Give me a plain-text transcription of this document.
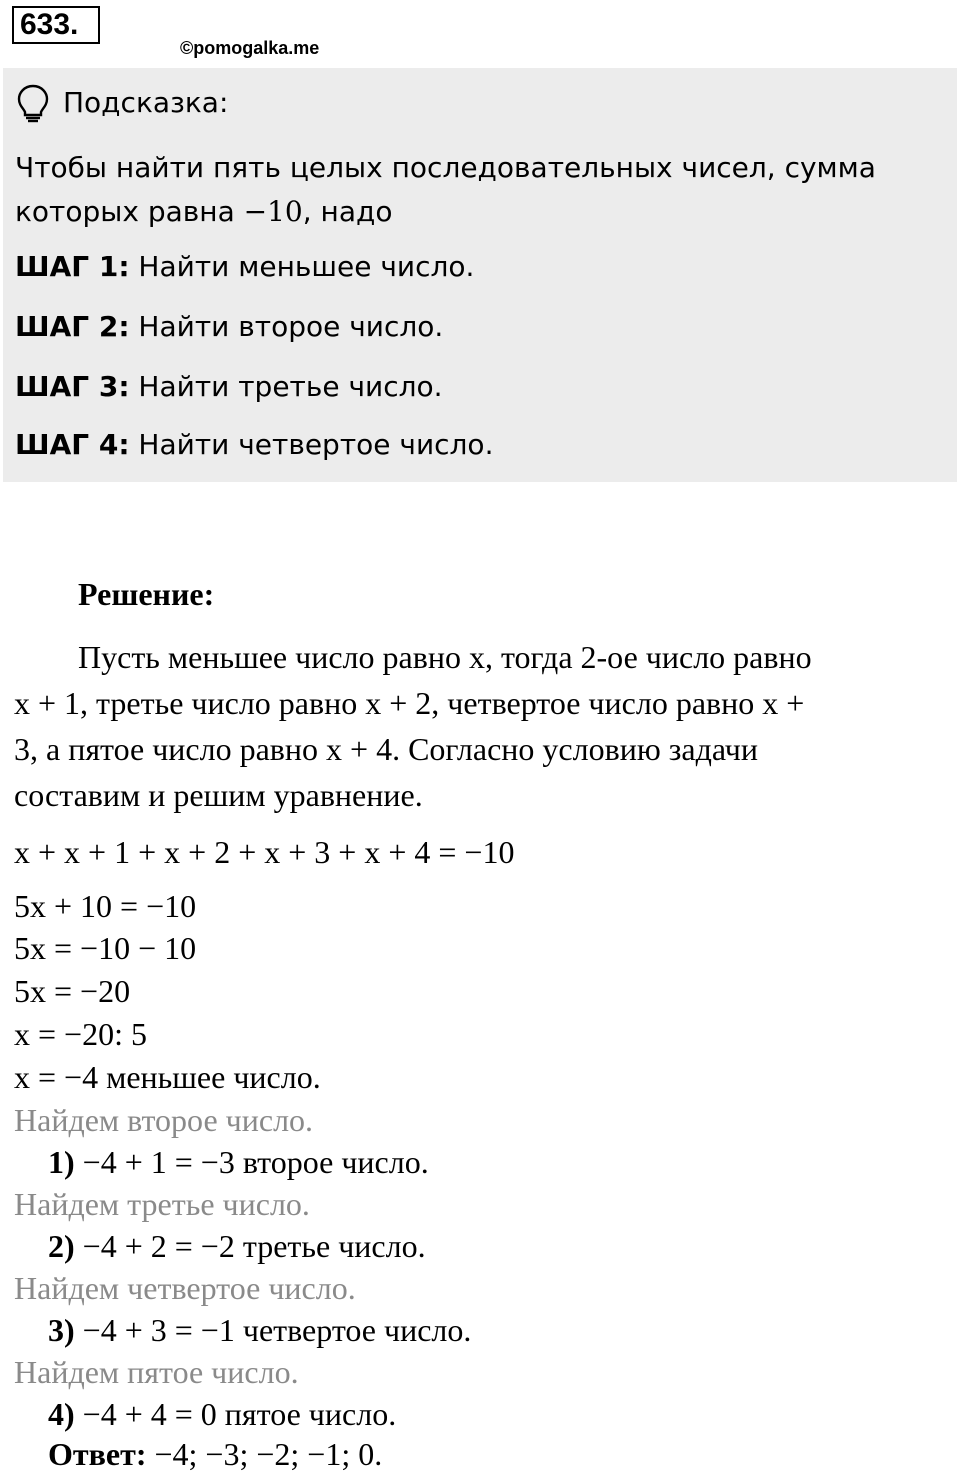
633.
©pomogalka.me
Подсказка:

Чтобы найти пять целых последовательных чисел, сумма
которых равна −10, надо

ШАГ 1: Найти меньшее число.
ШАГ 2: Найти второе число.
ШАГ 3: Найти третье число.
ШАГ 4: Найти четвертое число.
Решение:

Пусть меньшее число равно x, тогда 2-ое число равно
x + 1, третье число равно x + 2, четвертое число равно x +
3, а пятое число равно x + 4. Согласно условию задачи
составим и решим уравнение.

x + x + 1 + x + 2 + x + 3 + x + 4 = −10
5x + 10 = −10
5x = −10 − 10
5x = −20
x = −20: 5
x = −4 меньшее число.
Найдем второе число.
1) −4 + 1 = −3 второе число.
Найдем третье число.
2) −4 + 2 = −2 третье число.
Найдем четвертое число.
3) −4 + 3 = −1 четвертое число.
Найдем пятое число.
4) −4 + 4 = 0 пятое число.
Ответ: −4; −3; −2; −1; 0.
